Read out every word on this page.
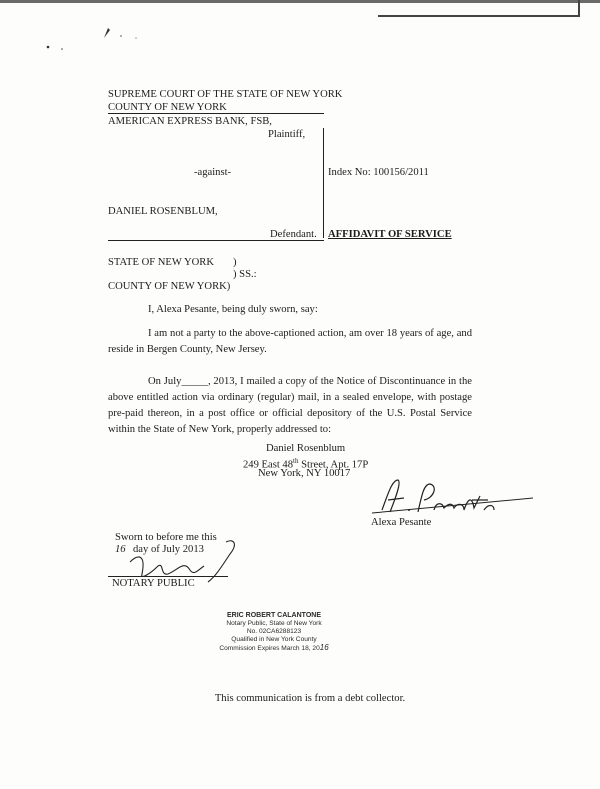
SUPREME COURT OF THE STATE OF NEW YORK
COUNTY OF NEW YORK
AMERICAN EXPRESS BANK, FSB,
Plaintiff,
-against-
DANIEL ROSENBLUM,
Defendant.
Index No: 100156/2011
AFFIDAVIT OF SERVICE
STATE OF NEW YORK )
) SS.:
COUNTY OF NEW YORK)
I, Alexa Pesante, being duly sworn, say:
I am not a party to the above-captioned action, am over 18 years of age, and reside in Bergen County, New Jersey.
On July_____, 2013, I mailed a copy of the Notice of Discontinuance in the above entitled action via ordinary (regular) mail, in a sealed envelope, with postage pre-paid thereon, in a post office or official depository of the U.S. Postal Service within the State of New York, properly addressed to:
Daniel Rosenblum
249 East 48th Street, Apt. 17P
New York, NY 10017
Alexa Pesante
Sworn to before me this
16 day of July 2013
NOTARY PUBLIC
ERIC ROBERT CALANTONE
Notary Public, State of New York
No. 02CA6288123
Qualified in New York County
Commission Expires March 18, 2016
This communication is from a debt collector.
